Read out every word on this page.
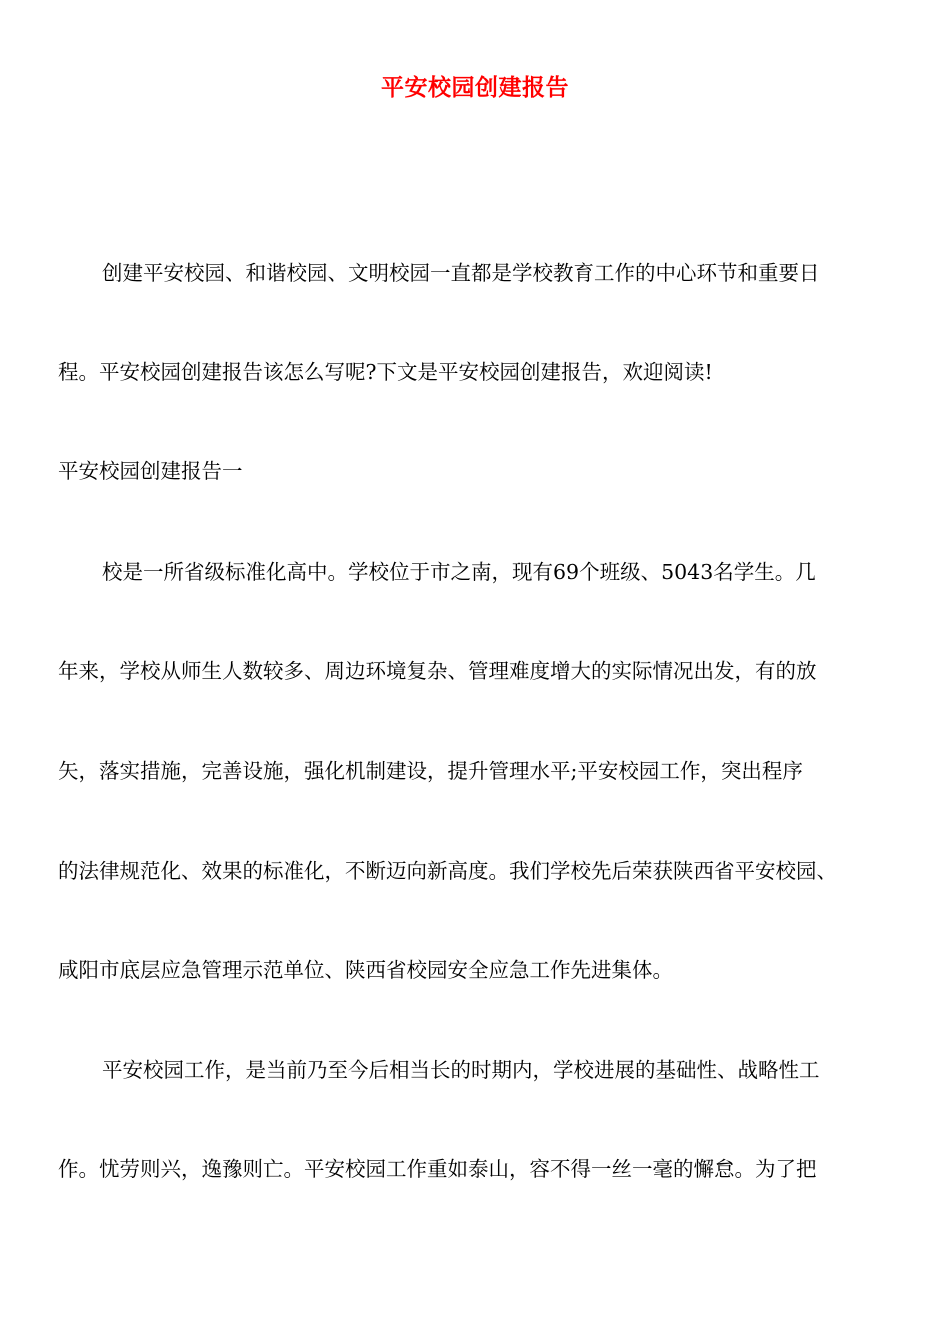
平安校园创建报告
创建平安校园、和谐校园、文明校园一直都是学校教育工作的中心环节和重要日
程。平安校园创建报告该怎么写呢?下文是平安校园创建报告，欢迎阅读!
平安校园创建报告一
校是一所省级标准化高中。学校位于市之南，现有69个班级、5043名学生。几
年来，学校从师生人数较多、周边环境复杂、管理难度增大的实际情况出发，有的放
矢，落实措施，完善设施，强化机制建设，提升管理水平;平安校园工作，突出程序
的法律规范化、效果的标准化，不断迈向新高度。我们学校先后荣获陕西省平安校园、
咸阳市底层应急管理示范单位、陕西省校园安全应急工作先进集体。
平安校园工作，是当前乃至今后相当长的时期内，学校进展的基础性、战略性工
作。忧劳则兴，逸豫则亡。平安校园工作重如泰山，容不得一丝一毫的懈怠。为了把
